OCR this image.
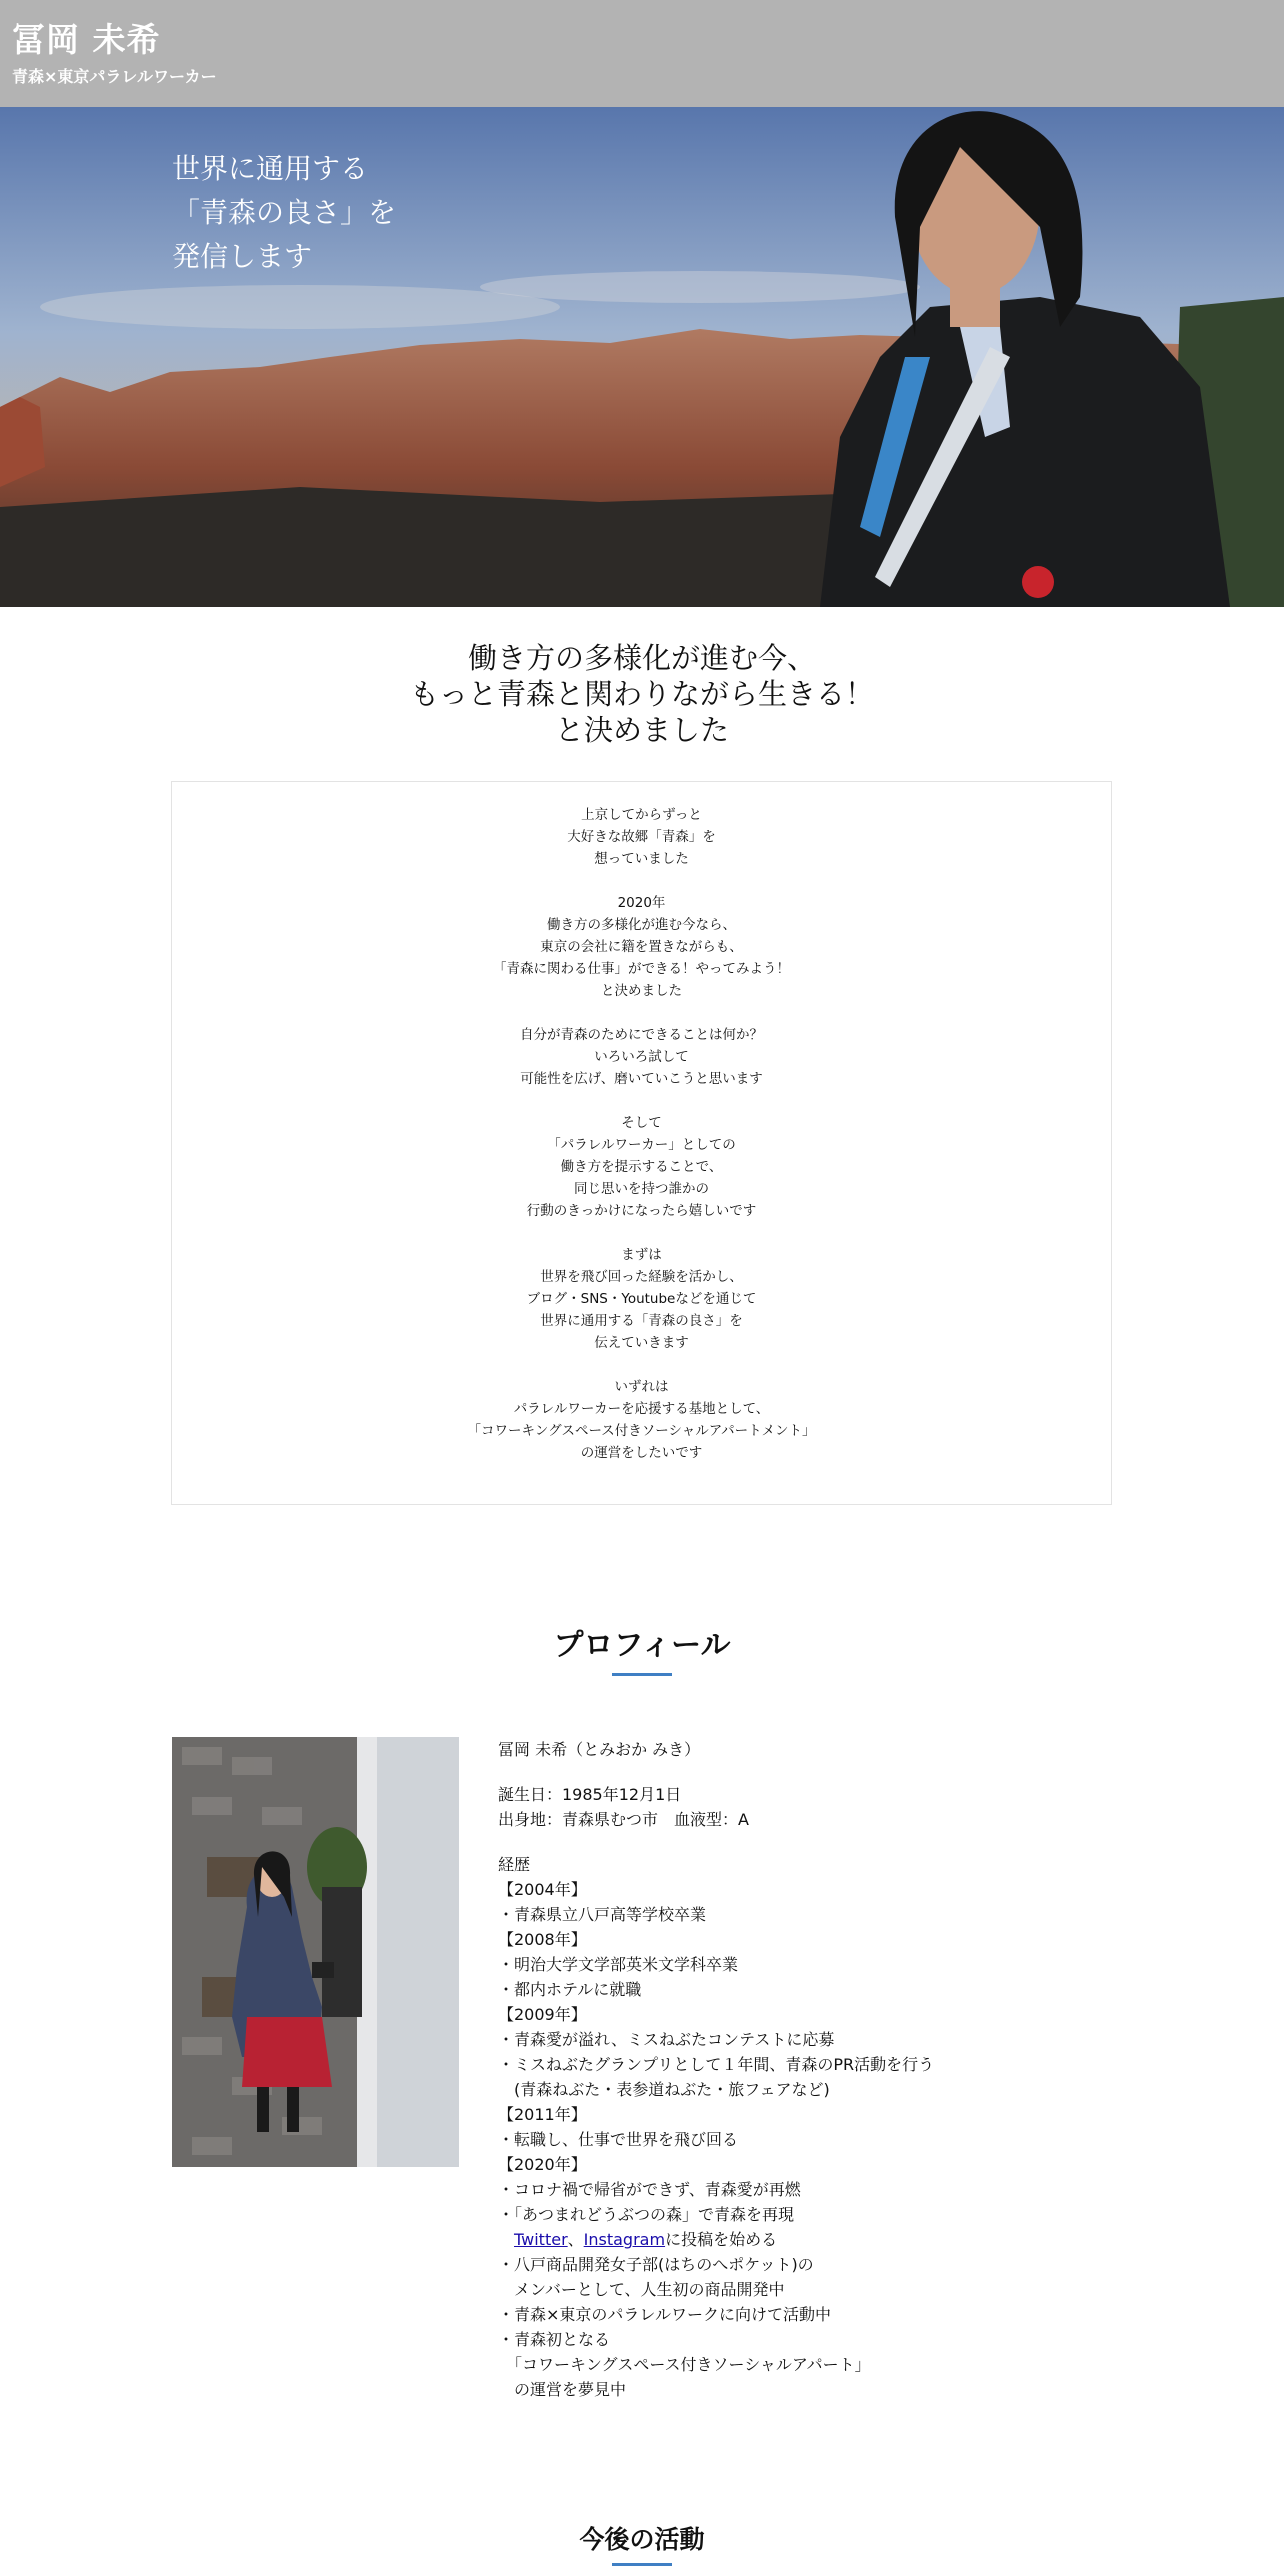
冨岡 未希

青森×東京パラレルワーカー

世界に通用する
「青森の良さ」を
発信します
働き方の多様化が進む今、
もっと青森と関わりながら生きる！
と決めました

上京してからずっと
大好きな故郷「青森」を
想っていました

2020年
働き方の多様化が進む今なら、
東京の会社に籍を置きながらも、
「青森に関わる仕事」ができる！やってみよう！
と決めました

自分が青森のためにできることは何か？
いろいろ試して
可能性を広げ、磨いていこうと思います

そして
「パラレルワーカー」としての
働き方を提示することで、
同じ思いを持つ誰かの
行動のきっかけになったら嬉しいです

まずは
世界を飛び回った経験を活かし、
ブログ・SNS・Youtubeなどを通じて
世界に通用する「青森の良さ」を
伝えていきます

いずれは
パラレルワーカーを応援する基地として、
「コワーキングスペース付きソーシャルアパートメント」
の運営をしたいです

プロフィール
冨岡 未希（とみおか みき）
誕生日：1985年12月1日
出身地：青森県むつ市　血液型：A
経歴
【2004年】
・青森県立八戸高等学校卒業
【2008年】
・明治大学文学部英米文学科卒業
・都内ホテルに就職
【2009年】
・青森愛が溢れ、ミスねぶたコンテストに応募
・ミスねぶたグランプリとして１年間、青森のPR活動を行う
　(青森ねぶた・表参道ねぶた・旅フェアなど)
【2011年】
・転職し、仕事で世界を飛び回る
【2020年】
・コロナ禍で帰省ができず、青森愛が再燃
・「あつまれどうぶつの森」で青森を再現
　Twitter、Instagramに投稿を始める
・八戸商品開発女子部(はちのへポケット)の
　メンバーとして、人生初の商品開発中
・青森×東京のパラレルワークに向けて活動中
・青森初となる
　「コワーキングスペース付きソーシャルアパート」
　の運営を夢見中
今後の活動
